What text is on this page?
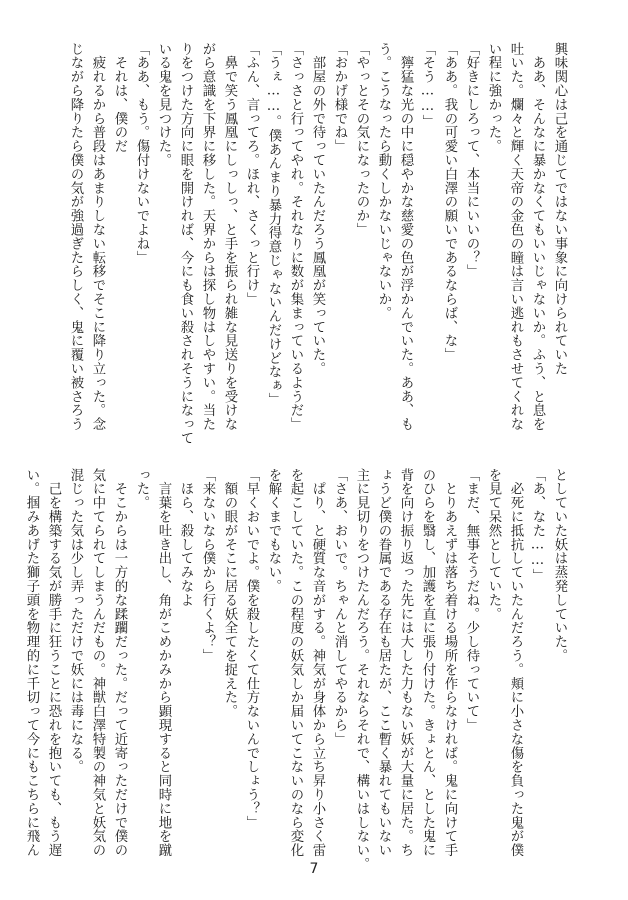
興味関心は己を通じてではない事象に向けられていた
　ああ、そんなに暴かなくてもいいじゃないか。ふう、と息を
吐いた。爛々と輝く天帝の金色の瞳は言い逃れもさせてくれな
い程に強かった。
「好きにしろって、本当にいいの？」
「ああ。我の可愛い白澤の願いであるならば、な」
「そう……」
　獰猛な光の中に穏やかな慈愛の色が浮かんでいた。ああ、も
う。こうなったら動くしかないじゃないか。
「やっとその気になったのか」
「おかげ様でね」
　部屋の外で待っていたんだろう鳳凰が笑っていた。
「さっさと行ってやれ。それなりに数が集まっているようだ」
「うぇ……。僕あんまり暴力得意じゃないんだけどなぁ」
「ふん、言ってろ。ほれ、さくっと行け」
　鼻で笑う鳳凰にしっしっ、と手を振られ雑な見送りを受けな
がら意識を下界に移した。天界からは探し物はしやすい。当た
りをつけた方向に眼を開ければ、今にも食い殺されそうになって
いる鬼を見つけた。
「ああ、もう。傷付けないでよね」
　それは、僕のだ
　疲れるから普段はあまりしない転移でそこに降り立った。念
じながら降りたら僕の気が強過ぎたらしく、鬼に覆い被さろう
としていた妖は蒸発していた。
「あ、なた……」
　必死に抵抗していたんだろう。頬に小さな傷を負った鬼が僕
を見て呆然としていた。
「まだ、無事そうだね。少し待っていて」
　とりあえずは落ち着ける場所を作らなければ。鬼に向けて手
のひらを翳し、加護を直に張り付けた。きょとん、とした鬼に
背を向け振り返った先には大した力もない妖が大量に居た。ち
ょうど僕の眷属である存在も居たが、ここ暫く暴れてもいない
主に見切りをつけたんだろう。それならそれで、構いはしない。
「さあ、おいで。ちゃんと消してやるから」
　ぱり、と硬質な音がする。神気が身体から立ち昇り小さく雷
を起こしていた。この程度の妖気しか届いてこないのなら変化
を解くまでもない。
「早くおいでよ。僕を殺したくて仕方ないんでしょう？」
　額の眼がそこに居る妖全てを捉えた。
「来ないなら僕から行くよ？」
　ほら、殺してみなよ
　言葉を吐き出し、角がこめかみから顕現すると同時に地を蹴
った。
　そこからは一方的な蹂躙だった。だって近寄っただけで僕の
気に中てられてしまうんだもの。神獣白澤特製の神気と妖気の
混じった気は少し弄っただけで妖には毒になる。
　己を構築する気が勝手に狂うことに恐れを抱いても、もう遅
い。掴みあげた獅子頭を物理的に千切って今にもこちらに飛ん
7
